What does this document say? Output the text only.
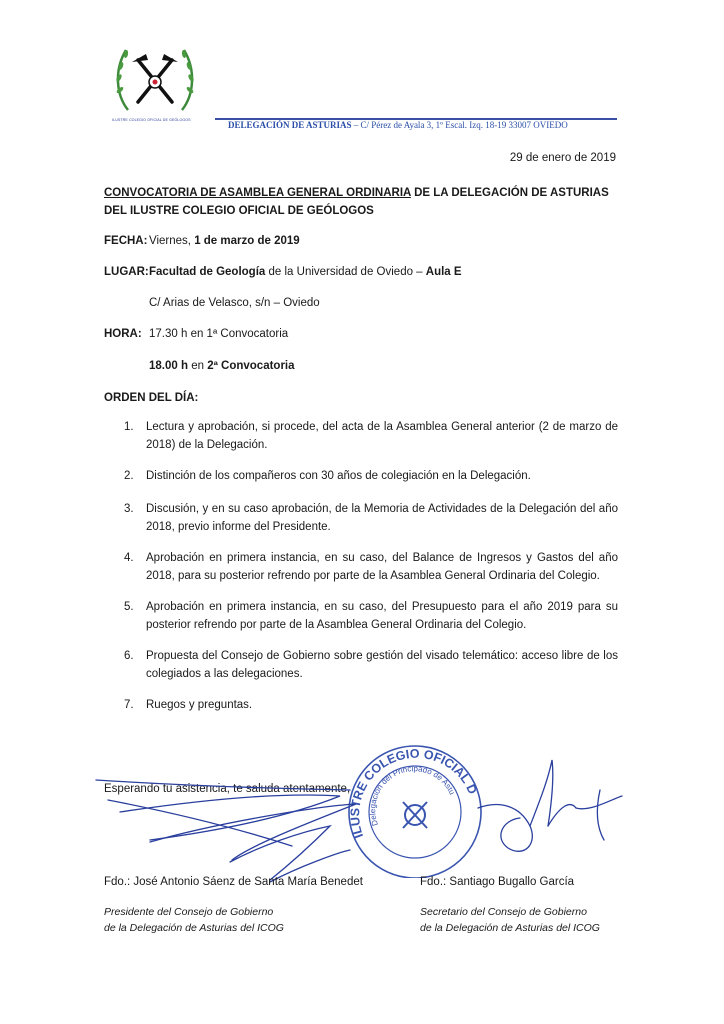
ILUSTRE COLEGIO OFICIAL DE GEÓLOGOS	DELEGACIÓN DE ASTURIAS – C/ Pérez de Ayala 3, 1º Escal. Izq. 18-19 33007 OVIEDO
29 de enero de 2019
CONVOCATORIA DE ASAMBLEA GENERAL ORDINARIA DE LA DELEGACIÓN DE ASTURIAS DEL ILUSTRE COLEGIO OFICIAL DE GEÓLOGOS
FECHA: Viernes, 1 de marzo de 2019
LUGAR: Facultad de Geología de la Universidad de Oviedo – Aula E
C/ Arias de Velasco, s/n – Oviedo
HORA: 17.30 h en 1ª Convocatoria
18.00 h en 2ª Convocatoria
ORDEN DEL DÍA:
1. Lectura y aprobación, si procede, del acta de la Asamblea General anterior (2 de marzo de 2018) de la Delegación.
2. Distinción de los compañeros con 30 años de colegiación en la Delegación.
3. Discusión, y en su caso aprobación, de la Memoria de Actividades de la Delegación del año 2018, previo informe del Presidente.
4. Aprobación en primera instancia, en su caso, del Balance de Ingresos y Gastos del año 2018, para su posterior refrendo por parte de la Asamblea General Ordinaria del Colegio.
5. Aprobación en primera instancia, en su caso, del Presupuesto para el año 2019 para su posterior refrendo por parte de la Asamblea General Ordinaria del Colegio.
6. Propuesta del Consejo de Gobierno sobre gestión del visado telemático: acceso libre de los colegiados a las delegaciones.
7. Ruegos y preguntas.
Esperando tu asistencia, te saluda atentamente,
ILUSTRE COLEGIO OFICIAL DE
Delegación del Principado de Asturias
Fdo.: José Antonio Sáenz de Santa María Benedet	Fdo.: Santiago Bugallo García
Presidente del Consejo de Gobierno
de la Delegación de Asturias del ICOG
Secretario del Consejo de Gobierno
de la Delegación de Asturias del ICOG
